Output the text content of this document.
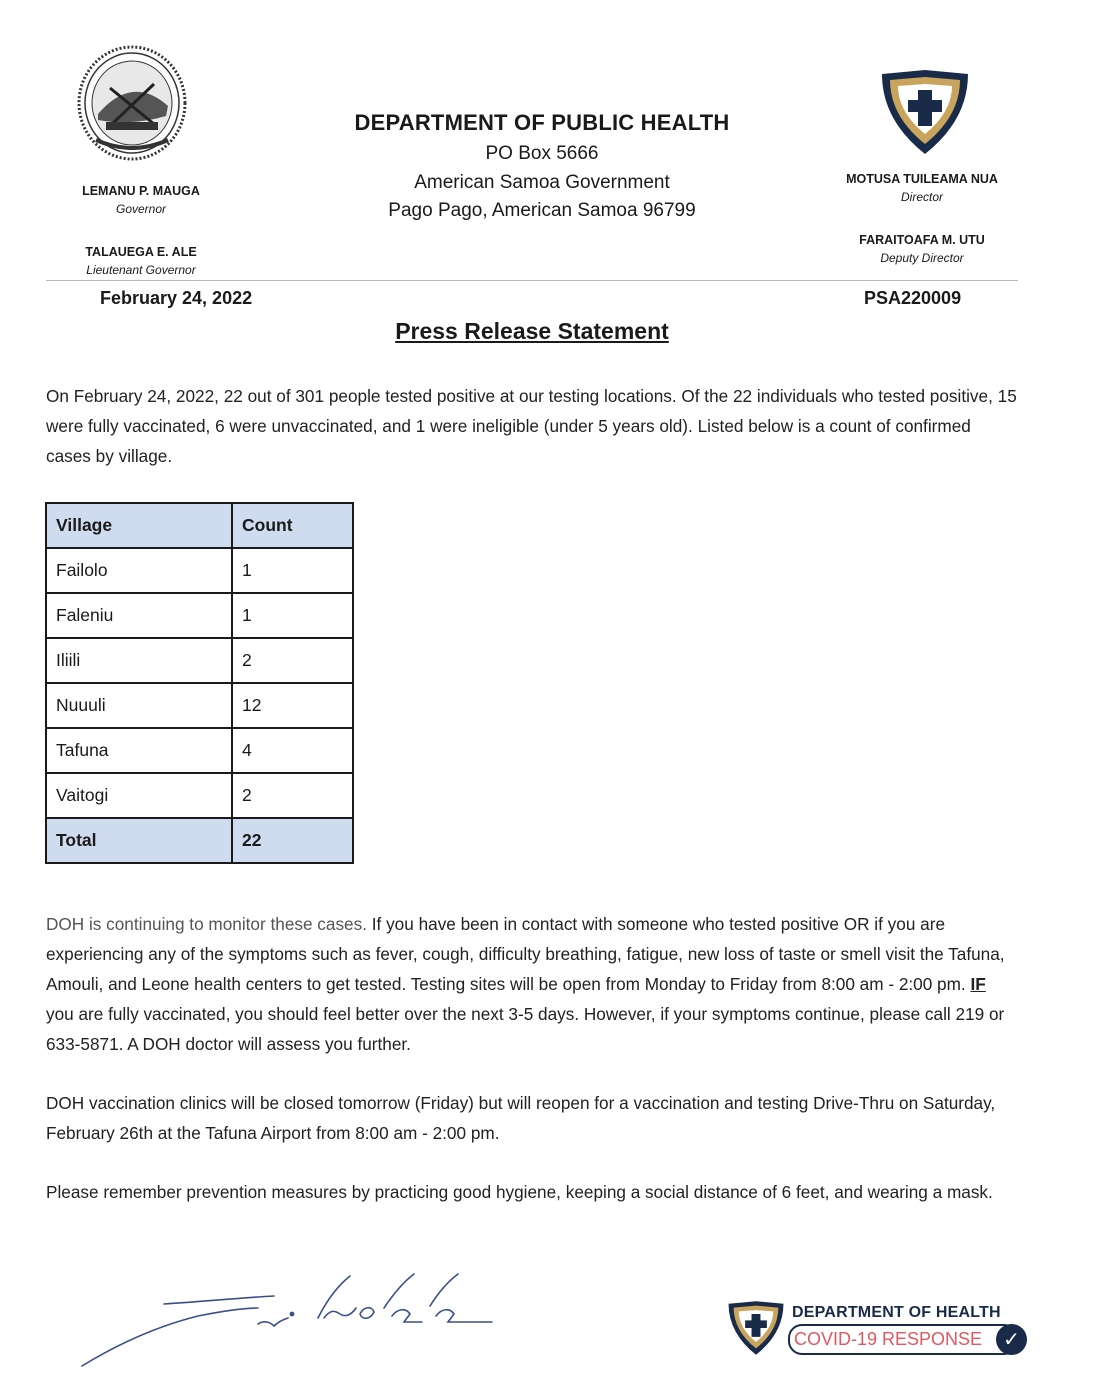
LEMANU P. MAUGA
Governor
TALAUEGA E. ALE
Lieutenant Governor
DEPARTMENT OF PUBLIC HEALTH
PO Box 5666
American Samoa Government
Pago Pago, American Samoa 96799
MOTUSA TUILEAMA NUA
Director
FARAITOAFA M. UTU
Deputy Director
February 24, 2022	PSA220009
Press Release Statement
On February 24, 2022, 22 out of 301 people tested positive at our testing locations. Of the 22 individuals who tested positive, 15 were fully vaccinated, 6 were unvaccinated, and 1 were ineligible (under 5 years old). Listed below is a count of confirmed cases by village.
Village	Count
Failolo	1
Faleniu	1
Iliili	2
Nuuuli	12
Tafuna	4
Vaitogi	2
Total	22
DOH is continuing to monitor these cases. If you have been in contact with someone who tested positive OR if you are experiencing any of the symptoms such as fever, cough, difficulty breathing, fatigue, new loss of taste or smell visit the Tafuna, Amouli, and Leone health centers to get tested. Testing sites will be open from Monday to Friday from 8:00 am - 2:00 pm. IF you are fully vaccinated, you should feel better over the next 3-5 days. However, if your symptoms continue, please call 219 or 633-5871. A DOH doctor will assess you further.
DOH vaccination clinics will be closed tomorrow (Friday) but will reopen for a vaccination and testing Drive-Thru on Saturday, February 26th at the Tafuna Airport from 8:00 am - 2:00 pm.
Please remember prevention measures by practicing good hygiene, keeping a social distance of 6 feet, and wearing a mask.
DEPARTMENT OF HEALTH
COVID-19 RESPONSE	✓
